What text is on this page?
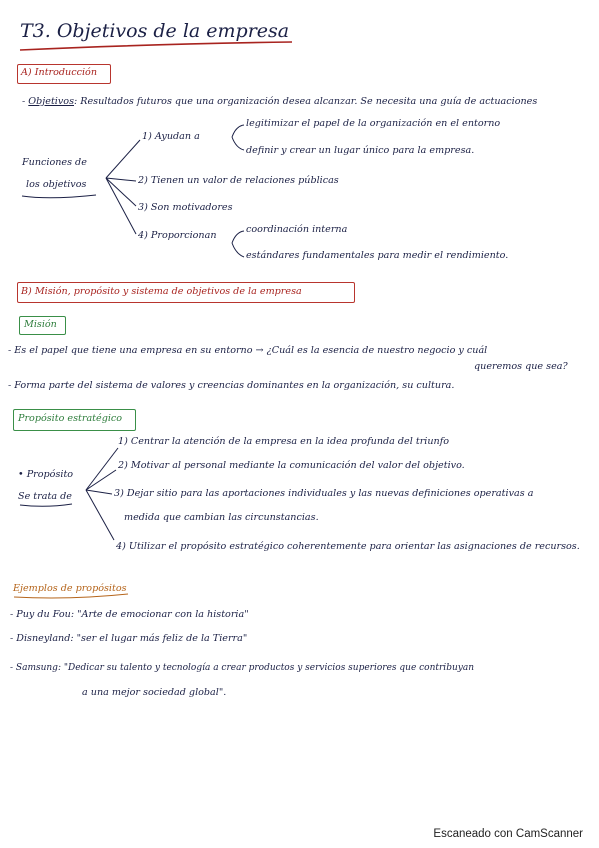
T3. Objetivos de la empresa
A) Introducción
- Objetivos: Resultados futuros que una organización desea alcanzar. Se necesita una guía de actuaciones
Funciones de
los objetivos
1) Ayudan a
legitimizar el papel de la organización en el entorno
definir y crear un lugar único para la empresa.
2) Tienen un valor de relaciones públicas
3) Son motivadores
4) Proporcionan
coordinación interna
estándares fundamentales para medir el rendimiento.
B) Misión, propósito y sistema de objetivos de la empresa
Misión
- Es el papel que tiene una empresa en su entorno → ¿Cuál es la esencia de nuestro negocio y cuál
queremos que sea?
- Forma parte del sistema de valores y creencias dominantes en la organización, su cultura.
Propósito estratégico
• Propósito
Se trata de
1) Centrar la atención de la empresa en la idea profunda del triunfo
2) Motivar al personal mediante la comunicación del valor del objetivo.
3) Dejar sitio para las aportaciones individuales y las nuevas definiciones operativas a
medida que cambian las circunstancias.
4) Utilizar el propósito estratégico coherentemente para orientar las asignaciones de recursos.
Ejemplos de propósitos
- Puy du Fou: "Arte de emocionar con la historia"
- Disneyland: "ser el lugar más feliz de la Tierra"
- Samsung: "Dedicar su talento y tecnología a crear productos y servicios superiores que contribuyan
a una mejor sociedad global".
Escaneado con CamScanner
